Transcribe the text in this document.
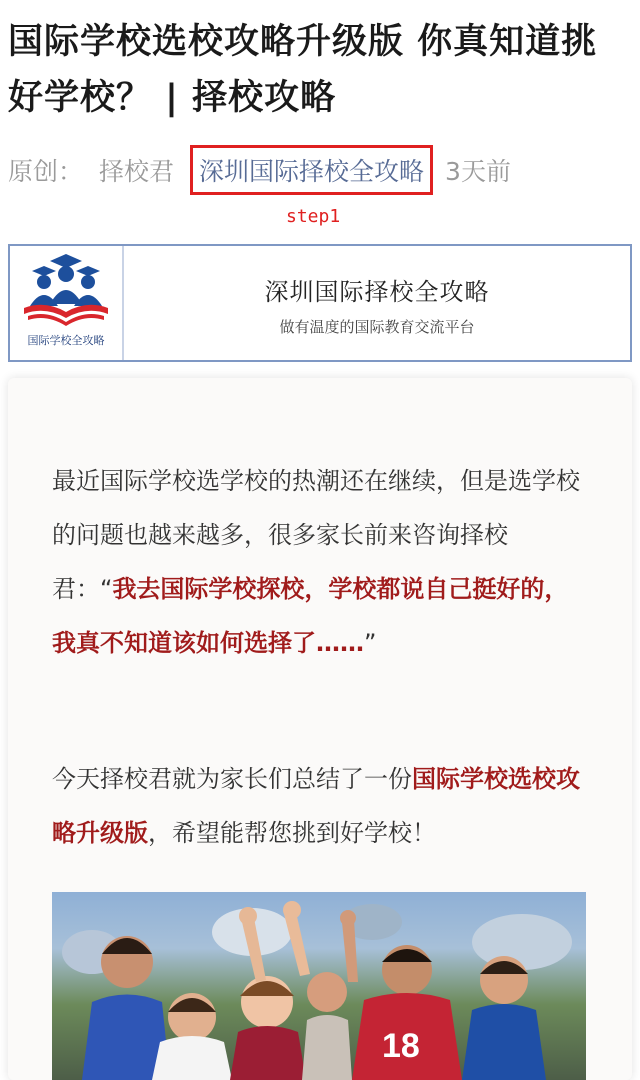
国际学校选校攻略升级版 你真知道挑好学校？ | 择校攻略
原创： 择校君	深圳国际择校全攻略 3天前
step1
国际学校全攻略
深圳国际择校全攻略
做有温度的国际教育交流平台
最近国际学校选学校的热潮还在继续，但是选学校的问题也越来越多，很多家长前来咨询择校君：“我去国际学校探校，学校都说自己挺好的，我真不知道该如何选择了……”
今天择校君就为家长们总结了一份国际学校选校攻略升级版，希望能帮您挑到好学校！
18
